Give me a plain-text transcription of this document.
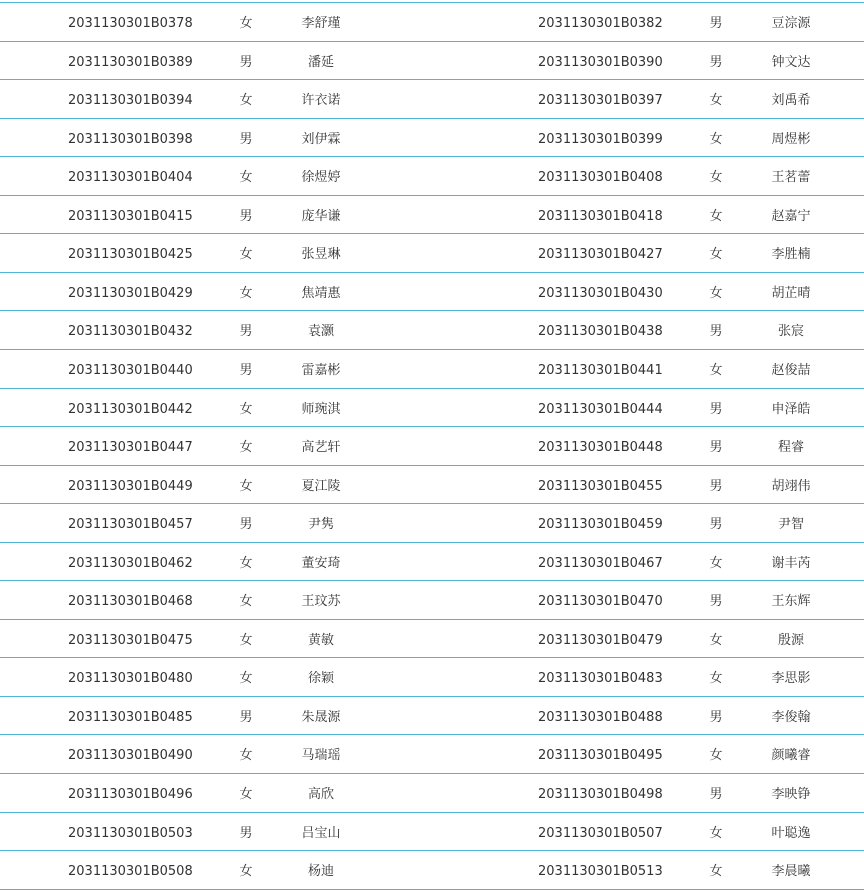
2031130301B0378	女	李舒瑾	2031130301B0382	男	豆淙源
2031130301B0389	男	潘延	2031130301B0390	男	钟文达
2031130301B0394	女	许衣诺	2031130301B0397	女	刘禹希
2031130301B0398	男	刘伊霖	2031130301B0399	女	周煜彬
2031130301B0404	女	徐煜婷	2031130301B0408	女	王茗蕾
2031130301B0415	男	庞华谦	2031130301B0418	女	赵嘉宁
2031130301B0425	女	张昱琳	2031130301B0427	女	李胜楠
2031130301B0429	女	焦靖惠	2031130301B0430	女	胡芷晴
2031130301B0432	男	袁灏	2031130301B0438	男	张宸
2031130301B0440	男	雷嘉彬	2031130301B0441	女	赵俊喆
2031130301B0442	女	师琬淇	2031130301B0444	男	申泽皓
2031130301B0447	女	高艺轩	2031130301B0448	男	程睿
2031130301B0449	女	夏江陵	2031130301B0455	男	胡翊伟
2031130301B0457	男	尹隽	2031130301B0459	男	尹智
2031130301B0462	女	董安琦	2031130301B0467	女	谢丰芮
2031130301B0468	女	王玟苏	2031130301B0470	男	王东辉
2031130301B0475	女	黄敏	2031130301B0479	女	殷源
2031130301B0480	女	徐颖	2031130301B0483	女	李思影
2031130301B0485	男	朱晟源	2031130301B0488	男	李俊翰
2031130301B0490	女	马瑞瑶	2031130301B0495	女	颜曦睿
2031130301B0496	女	高欣	2031130301B0498	男	李映铮
2031130301B0503	男	吕宝山	2031130301B0507	女	叶聪逸
2031130301B0508	女	杨迪	2031130301B0513	女	李晨曦
